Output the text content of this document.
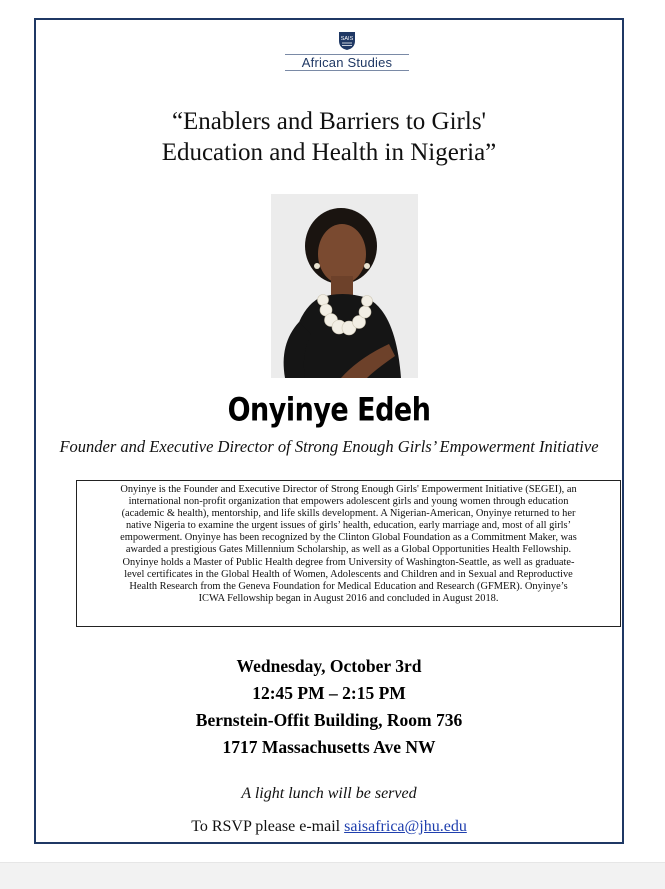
SAIS
African Studies
“Enablers and Barriers to Girls'
Education and Health in Nigeria”
Onyinye Edeh
Founder and Executive Director of Strong Enough Girls’ Empowerment Initiative
Onyinye is the Founder and Executive Director of Strong Enough Girls' Empowerment Initiative (SEGEI), an
international non-profit organization that empowers adolescent girls and young women through education
(academic & health), mentorship, and life skills development. A Nigerian-American, Onyinye returned to her
native Nigeria to examine the urgent issues of girls’ health, education, early marriage and, most of all girls’
empowerment. Onyinye has been recognized by the Clinton Global Foundation as a Commitment Maker, was
awarded a prestigious Gates Millennium Scholarship, as well as a Global Opportunities Health Fellowship.
Onyinye holds a Master of Public Health degree from University of Washington-Seattle, as well as graduate-
level certificates in the Global Health of Women, Adolescents and Children and in Sexual and Reproductive
Health Research from the Geneva Foundation for Medical Education and Research (GFMER). Onyinye’s
ICWA Fellowship began in August 2016 and concluded in August 2018.
Wednesday, October 3rd
12:45 PM – 2:15 PM
Bernstein-Offit Building, Room 736
1717 Massachusetts Ave NW
A light lunch will be served
To RSVP please e-mail saisafrica@jhu.edu
